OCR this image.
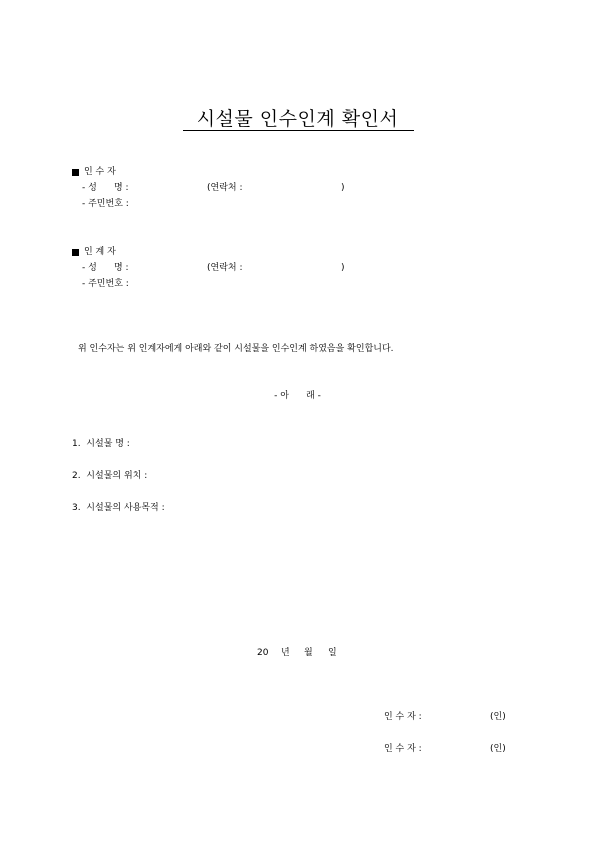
시설물 인수인계 확인서
인 수 자
- 성      명 :	(연락처 :	)
- 주민번호 :
인 계 자
- 성      명 :	(연락처 :	)
- 주민번호 :
위 인수자는 위 인계자에게 아래와 같이 시설물을 인수인계 하였음을 확인합니다.
- 아      래 -
1.  시설물 명 :
2.  시설물의 위치 :
3.  시설물의 사용목적 :
20 년 월 일
인 수 자 :	(인)
인 수 자 :	(인)
